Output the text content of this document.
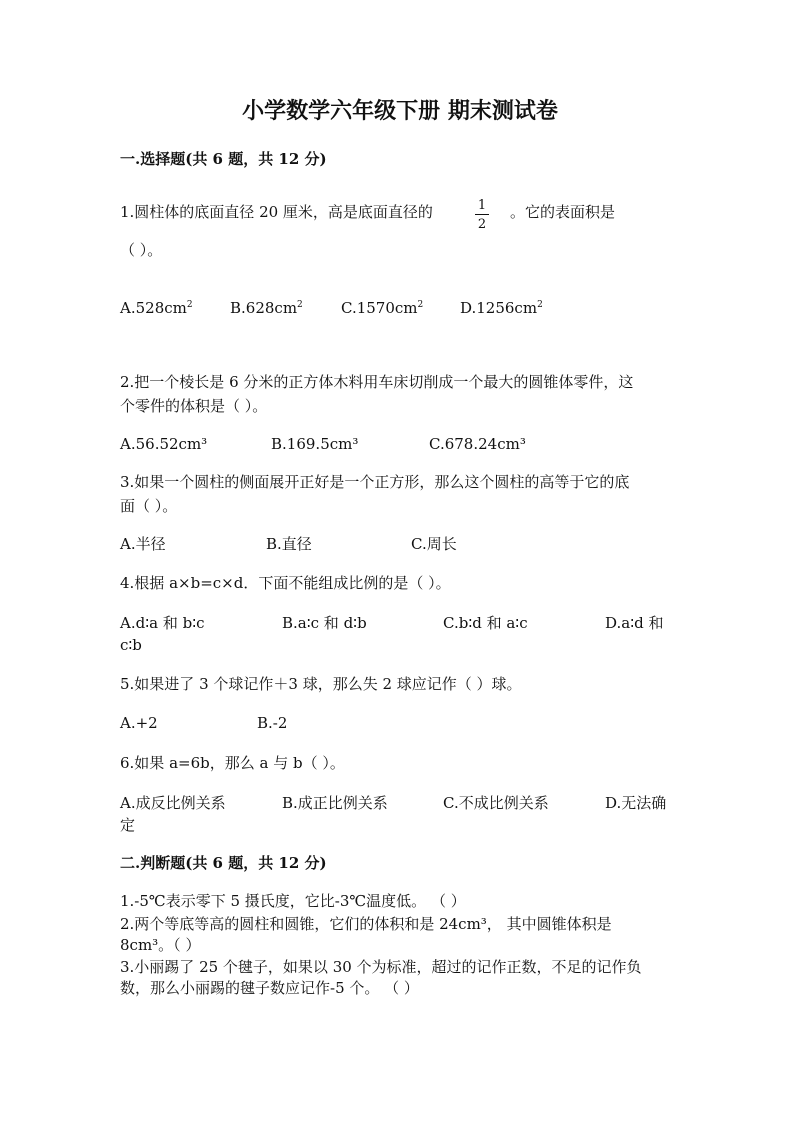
小学数学六年级下册 期末测试卷
一.选择题(共 6 题，共 12 分)
1.圆柱体的底面直径 20 厘米，高是底面直径的	1
2
。它的表面积是
（ ）。
$A.528cm^2$ $B.628cm^2$	$C.1570cm^2$ $D.1256cm^2$
2.把一个棱长是 6 分米的正方体木料用车床切削成一个最大的圆锥体零件，这
个零件的体积是（ ）。
A.56.52cm³	B.169.5cm³	C.678.24cm³
3.如果一个圆柱的侧面展开正好是一个正方形，那么这个圆柱的高等于它的底
面（ ）。
A.半径	B.直径	C.周长
4.根据 a×b=c×d．下面不能组成比例的是（ ）。
A.d∶a 和 b∶c	B.a∶c 和 d∶b	C.b∶d 和 a∶c	D.a∶d 和
c∶b
5.如果进了 3 个球记作＋3 球，那么失 2 球应记作（ ）球。
A.+2	B.-2
6.如果 a=6b，那么 a 与 b（ ）。
A.成反比例关系	B.成正比例关系	C.不成比例关系	D.无法确
定
二.判断题(共 6 题，共 12 分)
1.-5℃表示零下 5 摄氏度，它比-3℃温度低。 （ ）
2.两个等底等高的圆柱和圆锥，它们的体积和是 24cm³， 其中圆锥体积是
8cm³。（ ）
3.小丽踢了 25 个毽子，如果以 30 个为标准，超过的记作正数，不足的记作负
数，那么小丽踢的毽子数应记作-5 个。 （ ）
